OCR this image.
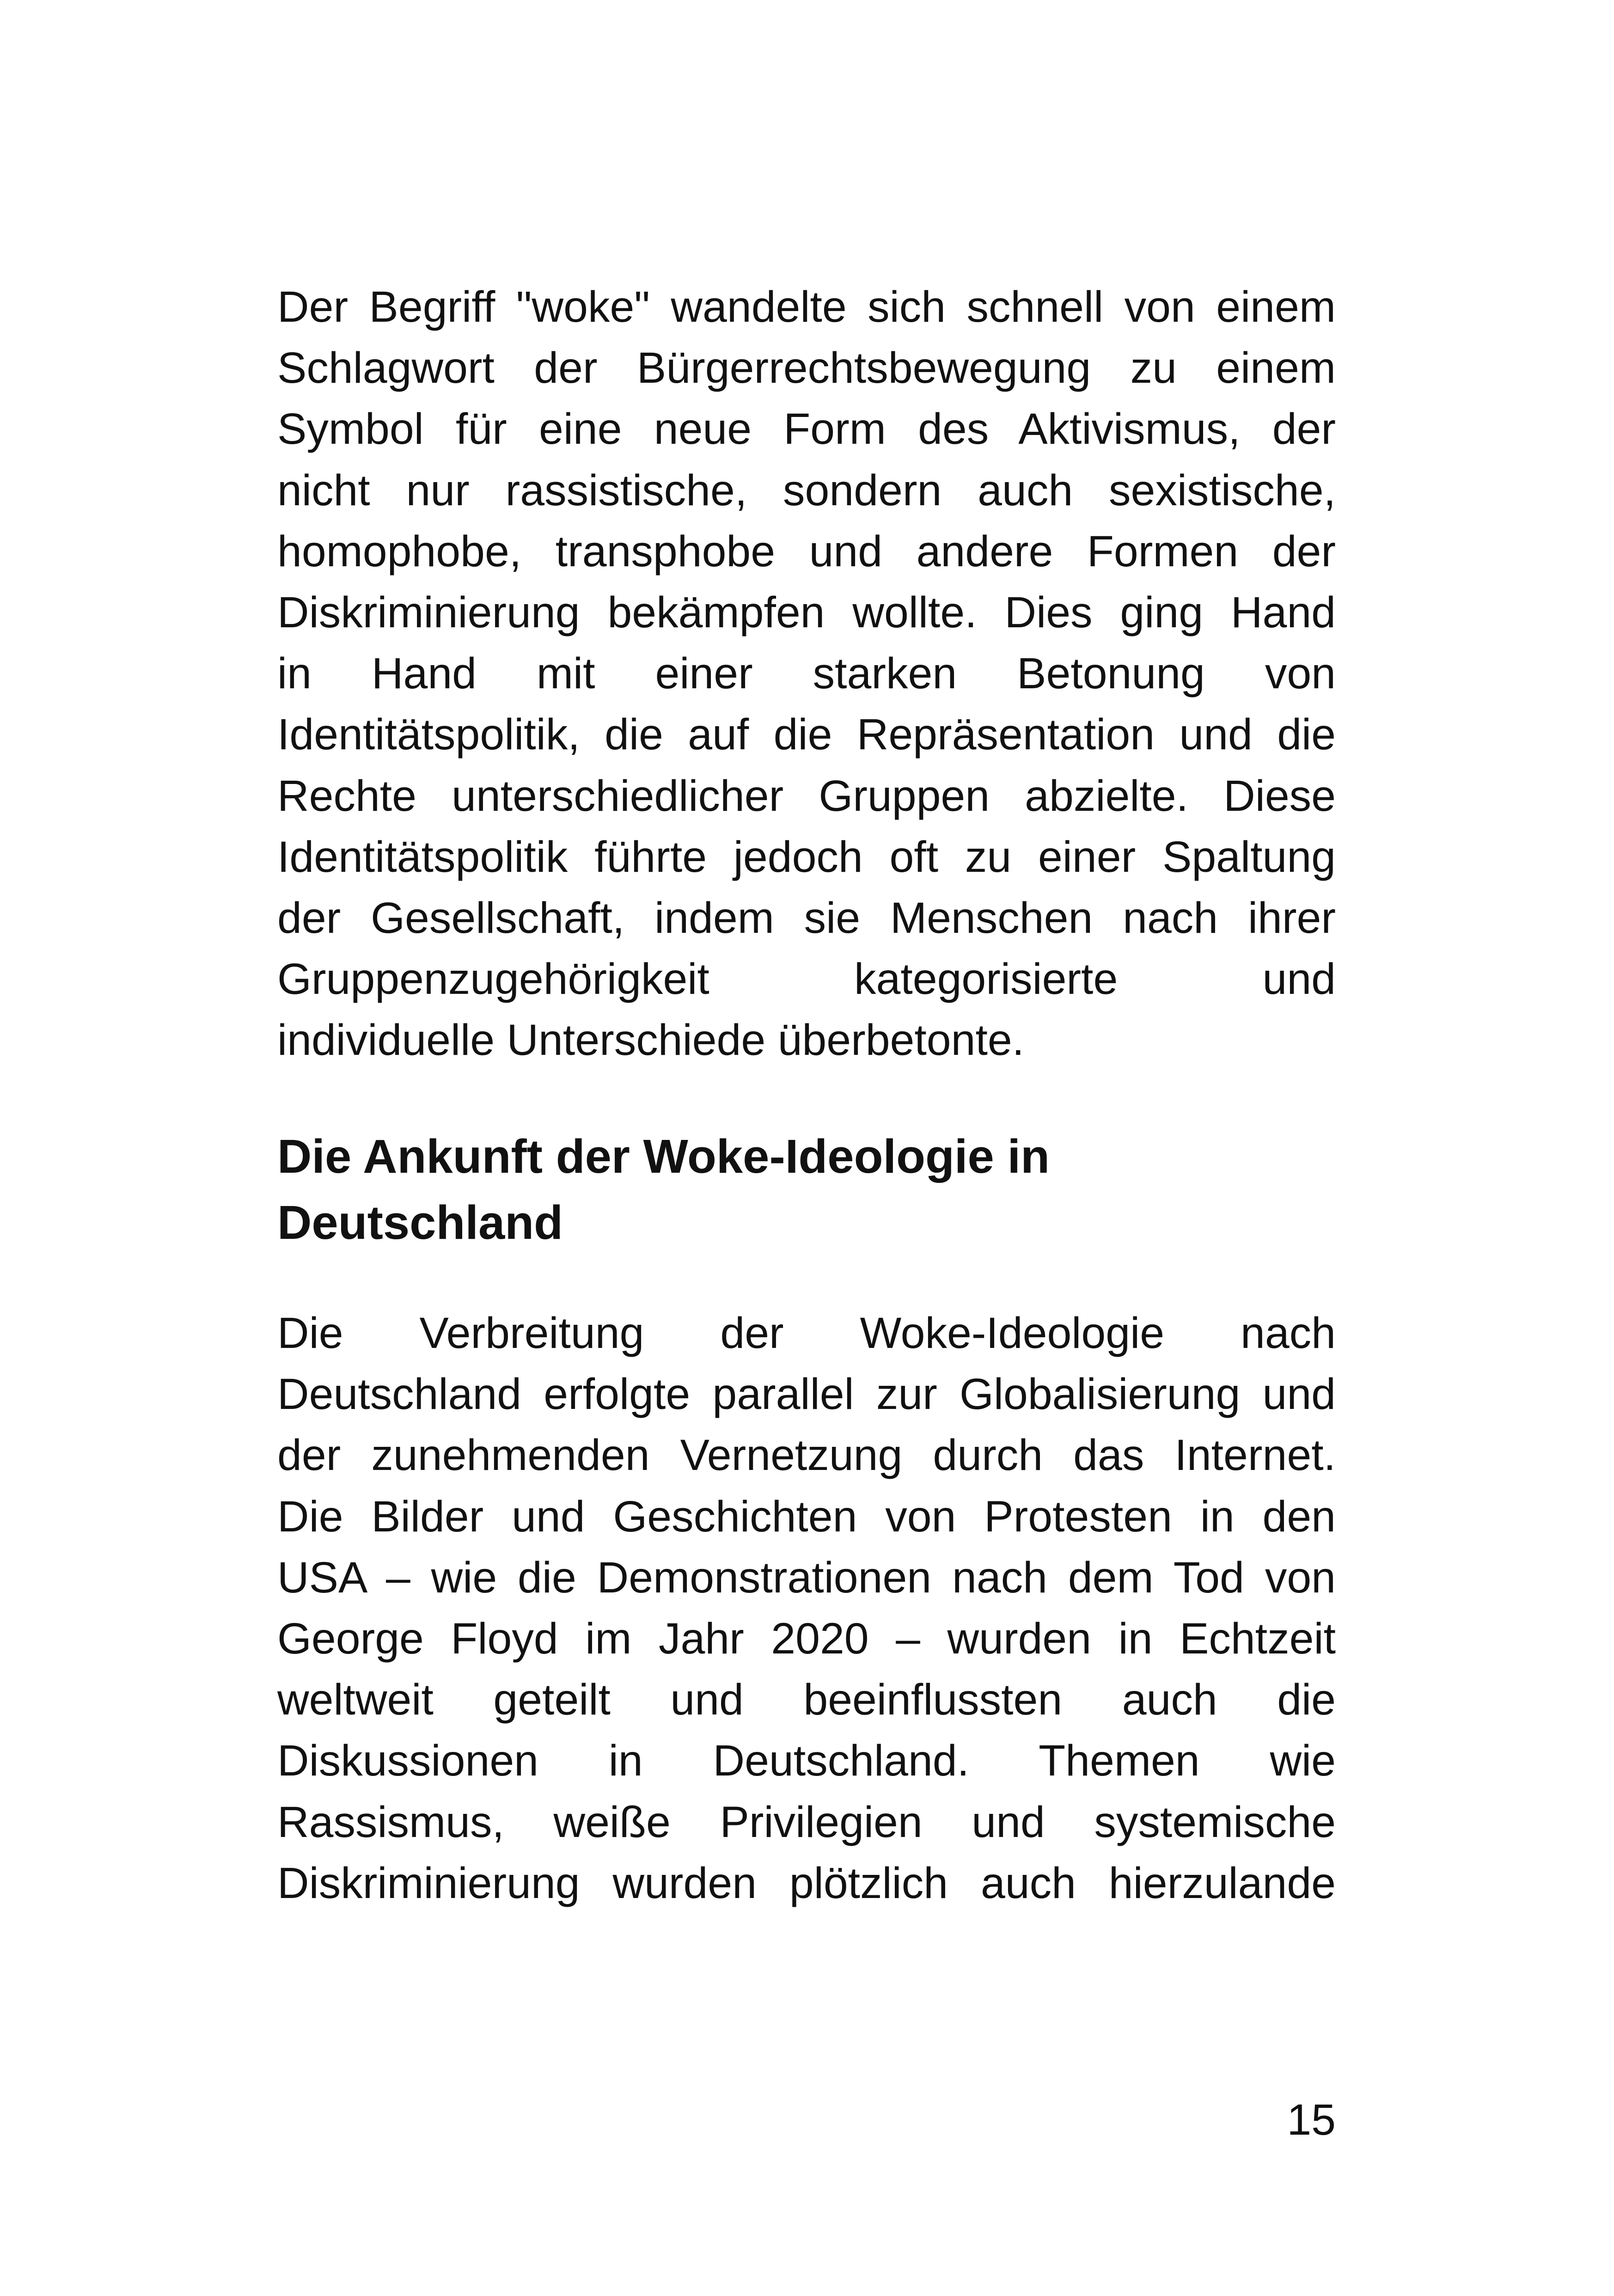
Der Begriff "woke" wandelte sich schnell von einem
Schlagwort der Bürgerrechtsbewegung zu einem
Symbol für eine neue Form des Aktivismus, der
nicht nur rassistische, sondern auch sexistische,
homophobe, transphobe und andere Formen der
Diskriminierung bekämpfen wollte. Dies ging Hand
in Hand mit einer starken Betonung von
Identitätspolitik, die auf die Repräsentation und die
Rechte unterschiedlicher Gruppen abzielte. Diese
Identitätspolitik führte jedoch oft zu einer Spaltung
der Gesellschaft, indem sie Menschen nach ihrer
Gruppenzugehörigkeit kategorisierte und
individuelle Unterschiede überbetonte.
Die Ankunft der Woke-Ideologie in
Deutschland
Die Verbreitung der Woke-Ideologie nach
Deutschland erfolgte parallel zur Globalisierung und
der zunehmenden Vernetzung durch das Internet.
Die Bilder und Geschichten von Protesten in den
USA – wie die Demonstrationen nach dem Tod von
George Floyd im Jahr 2020 – wurden in Echtzeit
weltweit geteilt und beeinflussten auch die
Diskussionen in Deutschland. Themen wie
Rassismus, weiße Privilegien und systemische
Diskriminierung wurden plötzlich auch hierzulande
15
